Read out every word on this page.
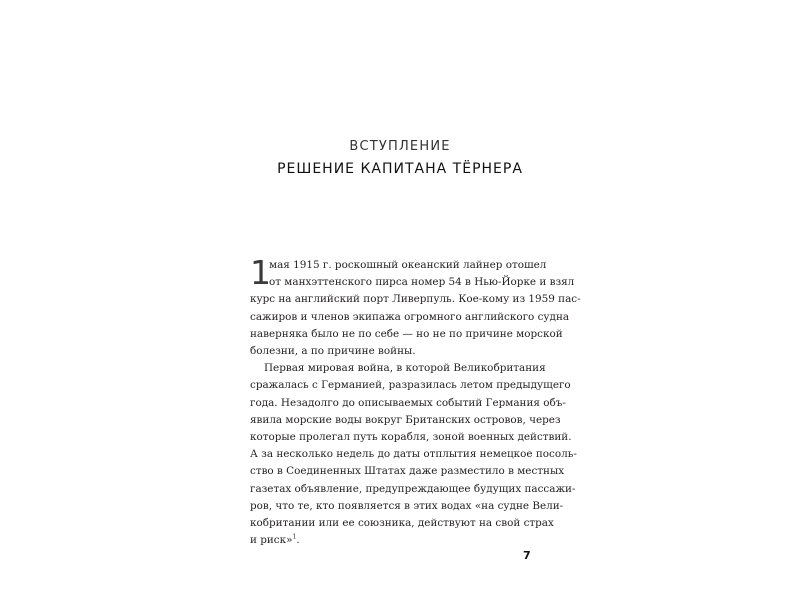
ВСТУПЛЕНИЕ
РЕШЕНИЕ КАПИТАНА ТЁРНЕРА
1
мая 1915 г. роскошный океанский лайнер отошел
от манхэттенского пирса номер 54 в Нью-Йорке и взял
курс на английский порт Ливерпуль. Кое-кому из 1959 пас-
сажиров и членов экипажа огромного английского судна
наверняка было не по себе — но не по причине морской
болезни, а по причине войны.
Первая мировая война, в которой Великобритания
сражалась с Германией, разразилась летом предыдущего
года. Незадолго до описываемых событий Германия объ-
явила морские воды вокруг Британских островов, через
которые пролегал путь корабля, зоной военных действий.
А за несколько недель до даты отплытия немецкое посоль-
ство в Соединенных Штатах даже разместило в местных
газетах объявление, предупреждающее будущих пассажи-
ров, что те, кто появляется в этих водах «на судне Вели-
кобритании или ее союзника, действуют на свой страх
и риск»$^1$.
7
